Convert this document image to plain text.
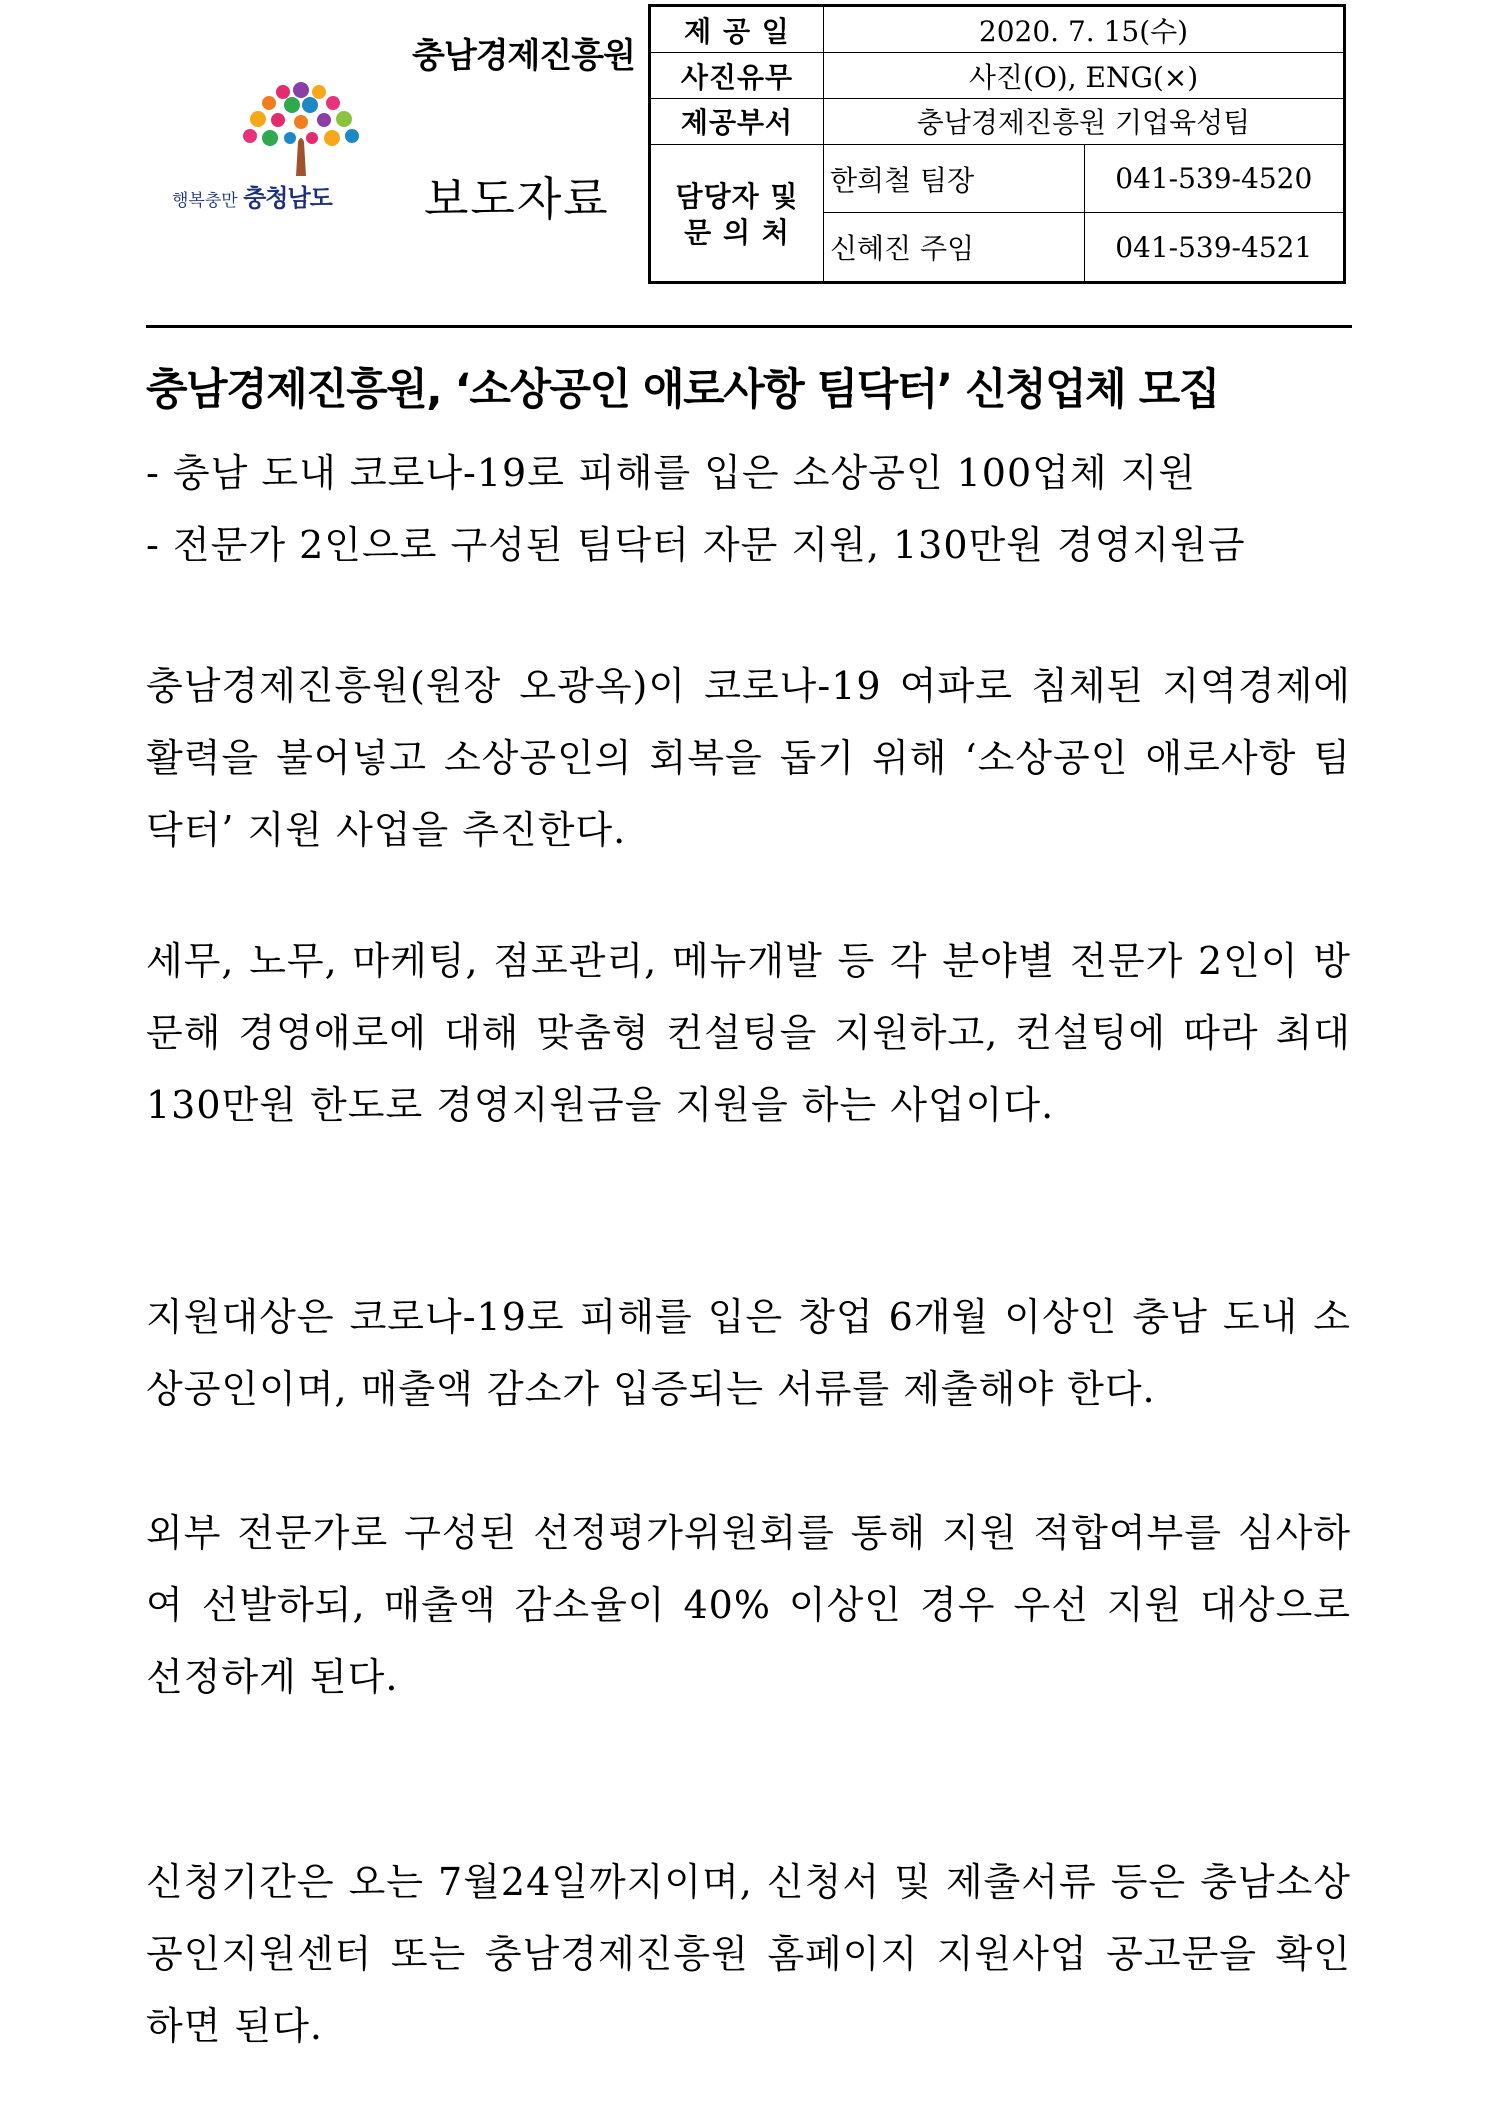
충남경제진흥원
행복충만 충청남도 보도자료
제 공 일	2020. 7. 15(수)	
사진유무	사진(O), ENG(×)	
제공부서	충남경제진흥원 기업육성팀	

담당자 및
문 의 처	한희철 팀장	041-539-4520
	신혜진 주임	041-539-4521
충남경제진흥원, ‘소상공인 애로사항 팀닥터’ 신청업체 모집
- 충남 도내 코로나-19로 피해를 입은 소상공인 100업체 지원
- 전문가 2인으로 구성된 팀닥터 자문 지원, 130만원 경영지원금
충남경제진흥원(원장 오광옥)이 코로나-19 여파로 침체된 지역경제에 활력을 불어넣고 소상공인의 회복을 돕기 위해 ‘소상공인 애로사항 팀닥터’ 지원 사업을 추진한다.
세무, 노무, 마케팅, 점포관리, 메뉴개발 등 각 분야별 전문가 2인이 방문해 경영애로에 대해 맞춤형 컨설팅을 지원하고, 컨설팅에 따라 최대 130만원 한도로 경영지원금을 지원을 하는 사업이다.
지원대상은 코로나-19로 피해를 입은 창업 6개월 이상인 충남 도내 소상공인이며, 매출액 감소가 입증되는 서류를 제출해야 한다.
외부 전문가로 구성된 선정평가위원회를 통해 지원 적합여부를 심사하여 선발하되, 매출액 감소율이 40% 이상인 경우 우선 지원 대상으로 선정하게 된다.
신청기간은 오는 7월24일까지이며, 신청서 및 제출서류 등은 충남소상공인지원센터 또는 충남경제진흥원 홈페이지 지원사업 공고문을 확인하면 된다.
